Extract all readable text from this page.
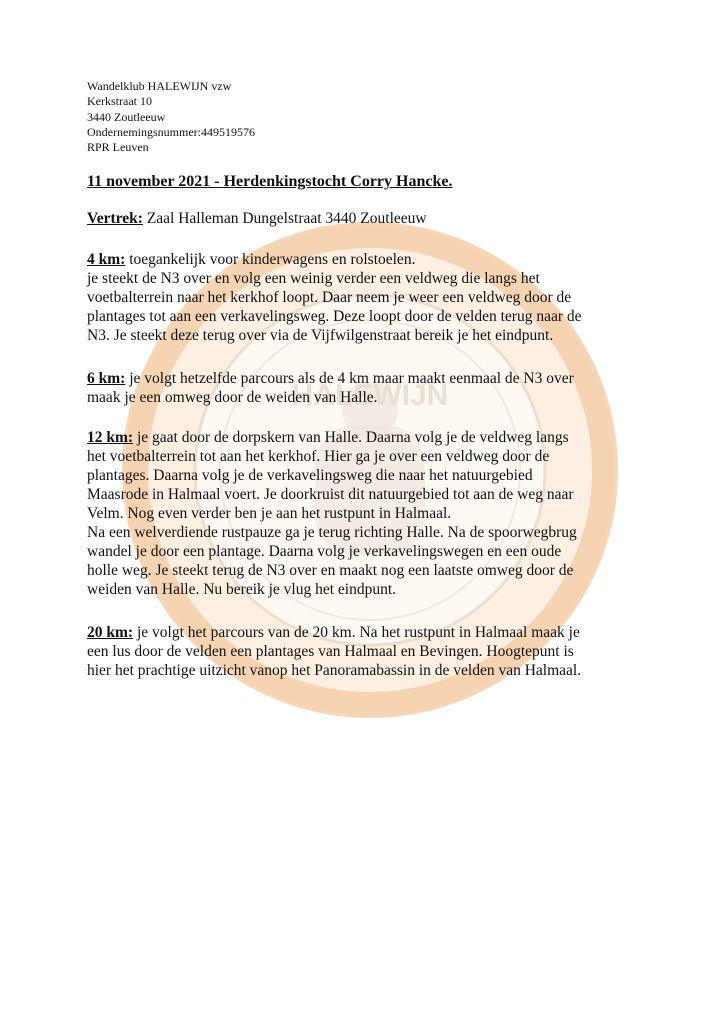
HALEWIJN
Wandelklub HALEWIJN vzw
Kerkstraat 10
3440 Zoutleeuw
Ondernemingsnummer:449519576
RPR Leuven

11 november 2021 - Herdenkingstocht Corry Hancke.

Vertrek: Zaal Halleman Dungelstraat 3440 Zoutleeuw

4 km: toegankelijk voor kinderwagens en rolstoelen.
je steekt de N3 over en volg een weinig verder een veldweg die langs het
voetbalterrein naar het kerkhof loopt. Daar neem je weer een veldweg door de
plantages tot aan een verkavelingsweg. Deze loopt door de velden terug naar de
N3. Je steekt deze terug over via de Vijfwilgenstraat bereik je het eindpunt.

6 km: je volgt hetzelfde parcours als de 4 km maar maakt eenmaal de N3 over
maak je een omweg door de weiden van Halle.

12 km: je gaat door de dorpskern van Halle. Daarna volg je de veldweg langs
het voetbalterrein tot aan het kerkhof. Hier ga je over een veldweg door de
plantages. Daarna volg je de verkavelingsweg die naar het natuurgebied
Maasrode in Halmaal voert. Je doorkruist dit natuurgebied tot aan de weg naar
Velm. Nog even verder ben je aan het rustpunt in Halmaal.
Na een welverdiende rustpauze ga je terug richting Halle. Na de spoorwegbrug
wandel je door een plantage. Daarna volg je verkavelingswegen en een oude
holle weg. Je steekt terug de N3 over en maakt nog een laatste omweg door de
weiden van Halle. Nu bereik je vlug het eindpunt.

20 km: je volgt het parcours van de 20 km. Na het rustpunt in Halmaal maak je
een lus door de velden een plantages van Halmaal en Bevingen. Hoogtepunt is
hier het prachtige uitzicht vanop het Panoramabassin in de velden van Halmaal.
